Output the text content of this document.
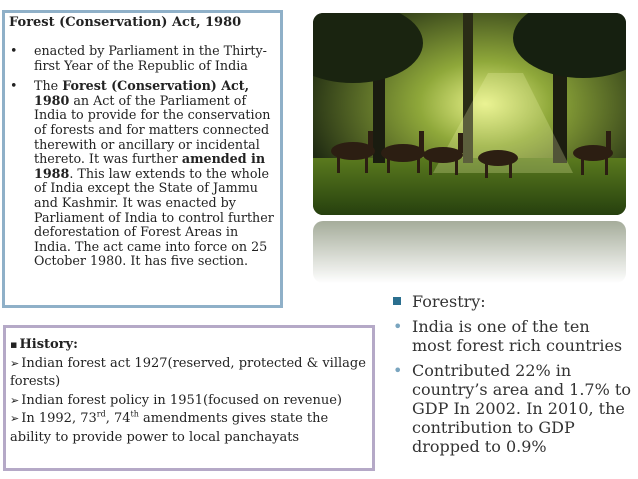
Forest (Conservation) Act, 1980
• enacted by Parliament in the Thirty-first Year of the Republic of India
• The Forest (Conservation) Act, 1980 an Act of the Parliament of India to provide for the conservation of forests and for matters connected therewith or ancillary or incidental thereto. It was further amended in 1988. This law extends to the whole of India except the State of Jammu and Kashmir. It was enacted by Parliament of India to control further deforestation of Forest Areas in India. The act came into force on 25 October 1980. It has five section.
▪ History:
➢ Indian forest act 1927(reserved, protected & village forests)
➢ Indian forest policy in 1951(focused on revenue)
➢ In 1992, 73rd, 74th amendments gives state the ability to provide power to local panchayats
Forestry:
• India is one of the ten most forest rich countries
• Contributed 22% in country’s area and 1.7% to GDP In 2002. In 2010, the contribution to GDP dropped to 0.9%
